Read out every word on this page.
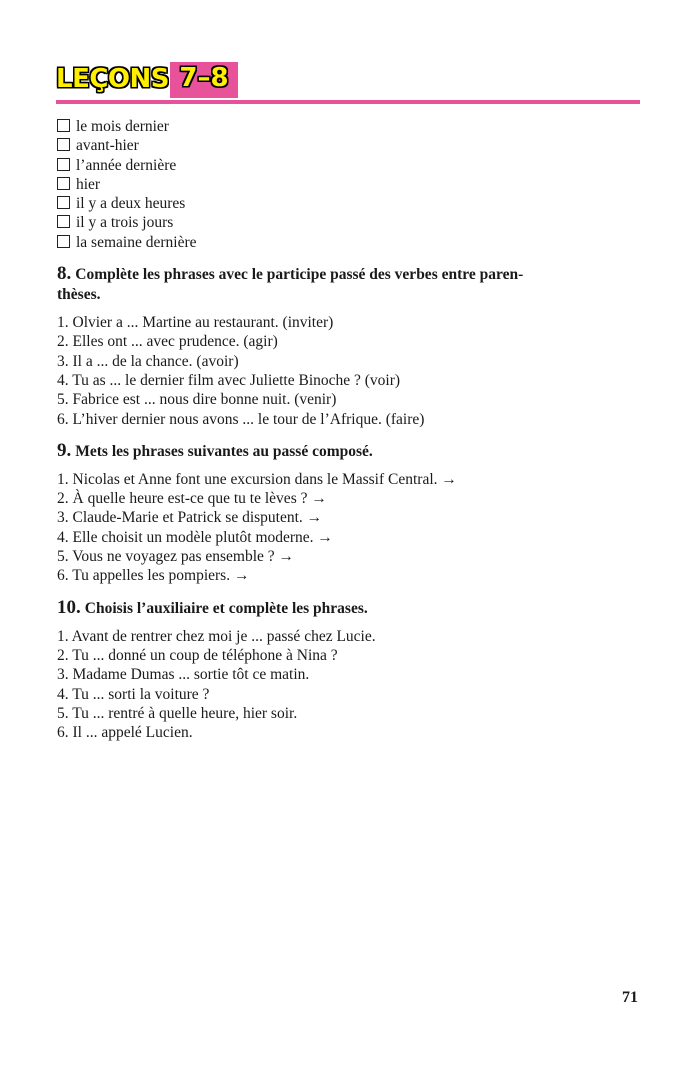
LEÇONS 7–8
le mois dernier
avant-hier
l’année dernière
hier
il y a deux heures
il y a trois jours
la semaine dernière
8. Complète les phrases avec le participe passé des verbes entre paren-
thèses.
1. Olvier a ... Martine au restaurant. (inviter)
2. Elles ont ... avec prudence. (agir)
3. Il a ... de la chance. (avoir)
4. Tu as ... le dernier film avec Juliette Binoche ? (voir)
5. Fabrice est ... nous dire bonne nuit. (venir)
6. L’hiver dernier nous avons ... le tour de l’Afrique. (faire)
9. Mets les phrases suivantes au passé composé.
1. Nicolas et Anne font une excursion dans le Massif Central. →
2. À quelle heure est-ce que tu te lèves ? →
3. Claude-Marie et Patrick se disputent. →
4. Elle choisit un modèle plutôt moderne. →
5. Vous ne voyagez pas ensemble ? →
6. Tu appelles les pompiers. →
10. Choisis l’auxiliaire et complète les phrases.
1. Avant de rentrer chez moi je ... passé chez Lucie.
2. Tu ... donné un coup de téléphone à Nina ?
3. Madame Dumas ... sortie tôt ce matin.
4. Tu ... sorti la voiture ?
5. Tu ... rentré à quelle heure, hier soir.
6. Il ... appelé Lucien.
71
